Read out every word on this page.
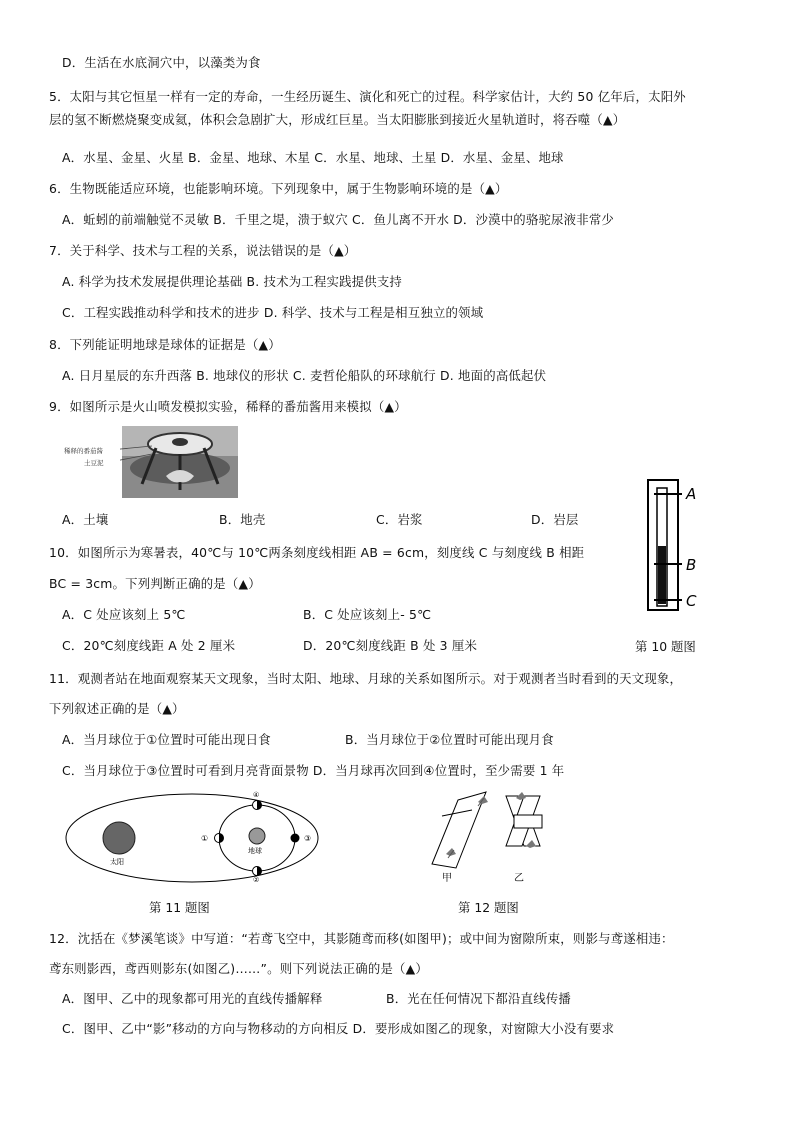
D．生活在水底洞穴中，以藻类为食
5．太阳与其它恒星一样有一定的寿命，一生经历诞生、演化和死亡的过程。科学家估计，大约 50 亿年后，太阳外
层的氢不断燃烧聚变成氦，体积会急剧扩大，形成红巨星。当太阳膨胀到接近火星轨道时，将吞噬（▲）
A．水星、金星、火星 B．金星、地球、木星 C．水星、地球、土星 D．水星、金星、地球
6．生物既能适应环境，也能影响环境。下列现象中，属于生物影响环境的是（▲）
A．蚯蚓的前端触觉不灵敏 B．千里之堤，溃于蚁穴 C．鱼儿离不开水 D．沙漠中的骆驼尿液非常少
7．关于科学、技术与工程的关系，说法错误的是（▲）
A. 科学为技术发展提供理论基础 B. 技术为工程实践提供支持
C．工程实践推动科学和技术的进步 D. 科学、技术与工程是相互独立的领域
8．下列能证明地球是球体的证据是（▲）
A. 日月星辰的东升西落 B. 地球仪的形状 C. 麦哲伦船队的环球航行 D. 地面的高低起伏
9．如图所示是火山喷发模拟实验，稀释的番茄酱用来模拟（▲）
稀释的番茄酱
土豆泥
A
B
C
A．土壤	B．地壳	C．岩浆	D．岩层
10．如图所示为寒暑表，40℃与 10℃两条刻度线相距 AB = 6cm，刻度线 C 与刻度线 B 相距
BC = 3cm。下列判断正确的是（▲）
A．C 处应该刻上 5℃	B．C 处应该刻上- 5℃
C．20℃刻度线距 A 处 2 厘米	D．20℃刻度线距 B 处 3 厘米	第 10 题图
11．观测者站在地面观察某天文现象，当时太阳、地球、月球的关系如图所示。对于观测者当时看到的天文现象，
下列叙述正确的是（▲）
A．当月球位于①位置时可能出现日食	B．当月球位于②位置时可能出现月食
C．当月球位于③位置时可看到月亮背面景物 D．当月球再次回到④位置时，至少需要 1 年
太阳
地球
①
②
③
④
甲	乙
第 11 题图	第 12 题图
12．沈括在《梦溪笔谈》中写道：“若鸢飞空中，其影随鸢而移(如图甲)；或中间为窗隙所束，则影与鸢遂相违：
鸢东则影西，鸢西则影东(如图乙)……”。则下列说法正确的是（▲）
A．图甲、乙中的现象都可用光的直线传播解释	B．光在任何情况下都沿直线传播
C．图甲、乙中“影”移动的方向与物移动的方向相反 D．要形成如图乙的现象，对窗隙大小没有要求
